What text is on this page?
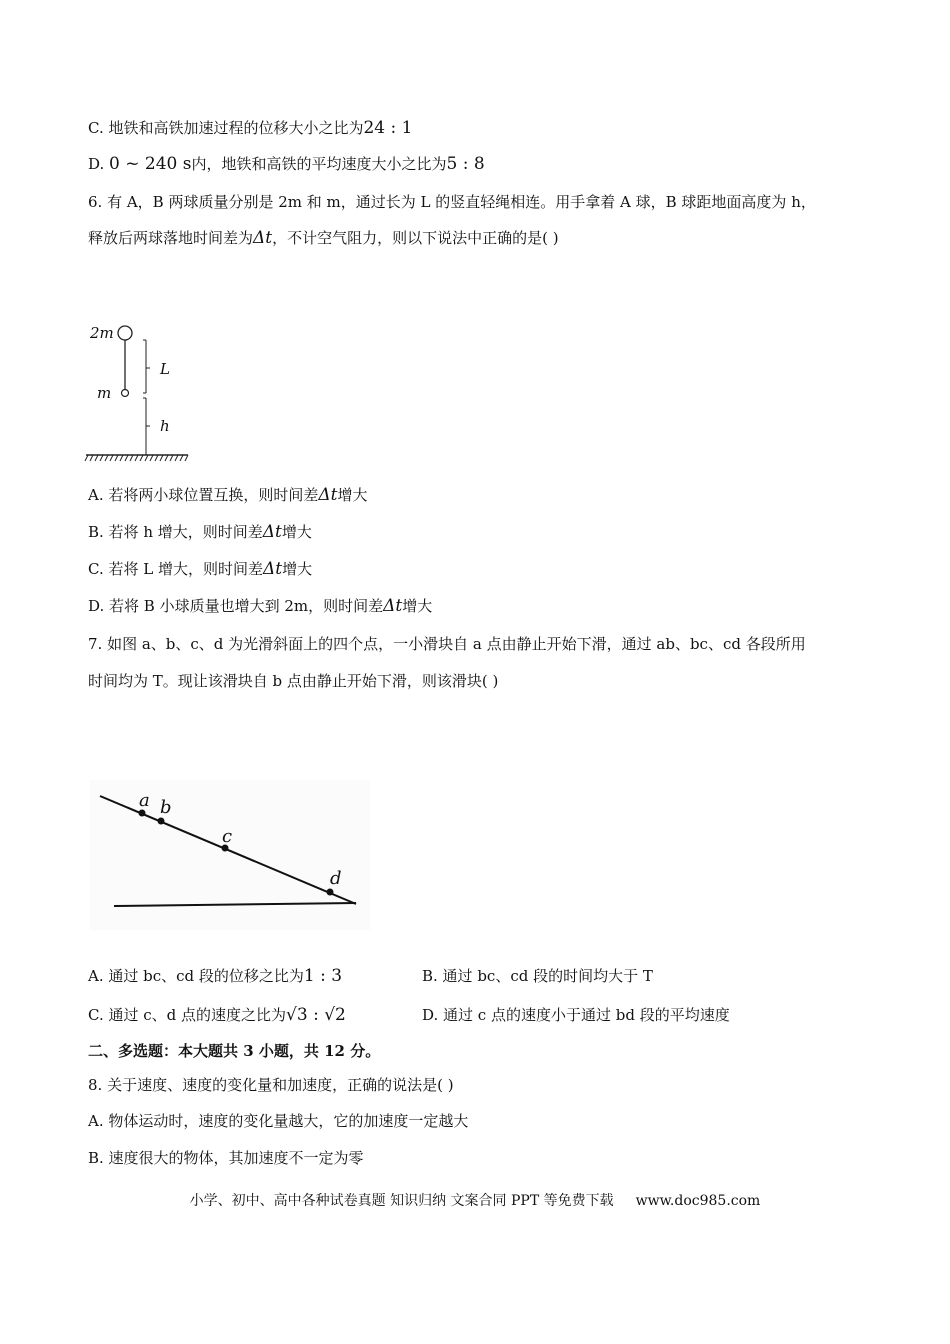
C. 地铁和高铁加速过程的位移大小之比为24 : 1
D. 0 ~ 240 s内，地铁和高铁的平均速度大小之比为5 : 8
6. 有 A，B 两球质量分别是 2m 和 m，通过长为 L 的竖直轻绳相连。用手拿着 A 球，B 球距地面高度为 h，
释放后两球落地时间差为Δt，不计空气阻力，则以下说法中正确的是( )
2m
m
L
h
A. 若将两小球位置互换，则时间差Δt增大
B. 若将 h 增大，则时间差Δt增大
C. 若将 L 增大，则时间差Δt增大
D. 若将 B 小球质量也增大到 2m，则时间差Δt增大
7. 如图 a、b、c、d 为光滑斜面上的四个点，一小滑块自 a 点由静止开始下滑，通过 ab、bc、cd 各段所用
时间均为 T。现让该滑块自 b 点由静止开始下滑，则该滑块( )
a b
c
d
A. 通过 bc、cd 段的位移之比为1 : 3	B. 通过 bc、cd 段的时间均大于 T
C. 通过 c、d 点的速度之比为√3 : √2	D. 通过 c 点的速度小于通过 bd 段的平均速度
二、多选题：本大题共 3 小题，共 12 分。
8. 关于速度、速度的变化量和加速度，正确的说法是( )
A. 物体运动时，速度的变化量越大，它的加速度一定越大
B. 速度很大的物体，其加速度不一定为零
小学、初中、高中各种试卷真题 知识归纳 文案合同 PPT 等免费下载 www.doc985.com
